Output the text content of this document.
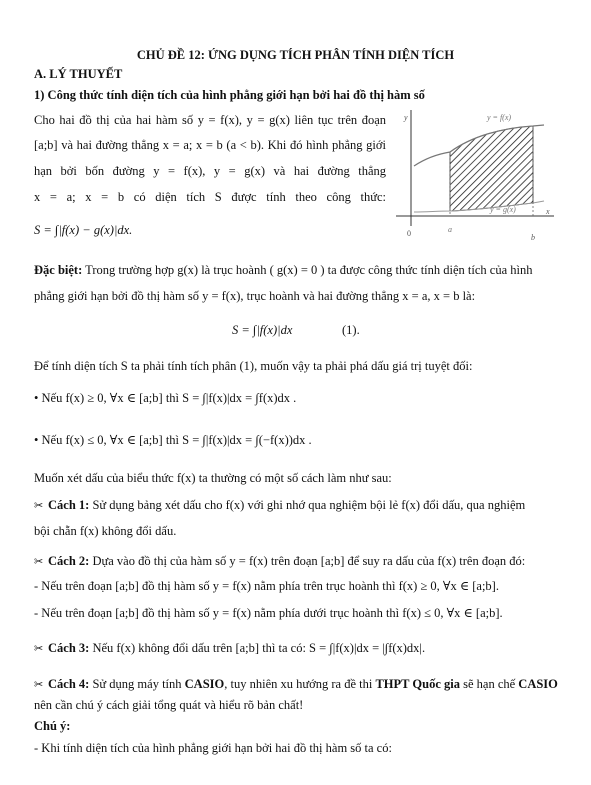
CHỦ ĐỀ 12: ỨNG DỤNG TÍCH PHÂN TÍNH DIỆN TÍCH
A. LÝ THUYẾT
1) Công thức tính diện tích của hình phẳng giới hạn bởi hai đồ thị hàm số
Cho hai đồ thị của hai hàm số y = f(x), y = g(x) liên tục trên đoạn
[a;b] và hai đường thẳng x = a; x = b (a < b). Khi đó hình phẳng giới
hạn bởi bốn đường y = f(x), y = g(x) và hai đường thẳng
x = a; x = b có diện tích S được tính theo công thức:
S = ∫|f(x) − g(x)|dx.
y
x
y = f(x)
y = g(x)
0	a
b
Đặc biệt: Trong trường hợp g(x) là trục hoành ( g(x) = 0 ) ta được công thức tính diện tích của hình
phẳng giới hạn bởi đồ thị hàm số y = f(x), trục hoành và hai đường thẳng x = a, x = b là:
S = ∫|f(x)|dx	(1).
Để tính diện tích S ta phải tính tích phân (1), muốn vậy ta phải phá dấu giá trị tuyệt đối:
• Nếu f(x) ≥ 0, ∀x ∈ [a;b] thì S = ∫|f(x)|dx = ∫f(x)dx .
• Nếu f(x) ≤ 0, ∀x ∈ [a;b] thì S = ∫|f(x)|dx = ∫(−f(x))dx .
Muốn xét dấu của biểu thức f(x) ta thường có một số cách làm như sau:
✂ Cách 1: Sử dụng bảng xét dấu cho f(x) với ghi nhớ qua nghiệm bội lẻ f(x) đổi dấu, qua nghiệm
bội chẵn f(x) không đổi dấu.
✂ Cách 2: Dựa vào đồ thị của hàm số y = f(x) trên đoạn [a;b] để suy ra dấu của f(x) trên đoạn đó:
- Nếu trên đoạn [a;b] đồ thị hàm số y = f(x) nằm phía trên trục hoành thì f(x) ≥ 0, ∀x ∈ [a;b].
- Nếu trên đoạn [a;b] đồ thị hàm số y = f(x) nằm phía dưới trục hoành thì f(x) ≤ 0, ∀x ∈ [a;b].
✂ Cách 3: Nếu f(x) không đổi dấu trên [a;b] thì ta có: S = ∫|f(x)|dx = |∫f(x)dx|.
✂ Cách 4: Sử dụng máy tính CASIO, tuy nhiên xu hướng ra đề thi THPT Quốc gia sẽ hạn chế CASIO
nên cần chú ý cách giải tổng quát và hiểu rõ bản chất!
Chú ý:
- Khi tính diện tích của hình phẳng giới hạn bởi hai đồ thị hàm số ta có:
